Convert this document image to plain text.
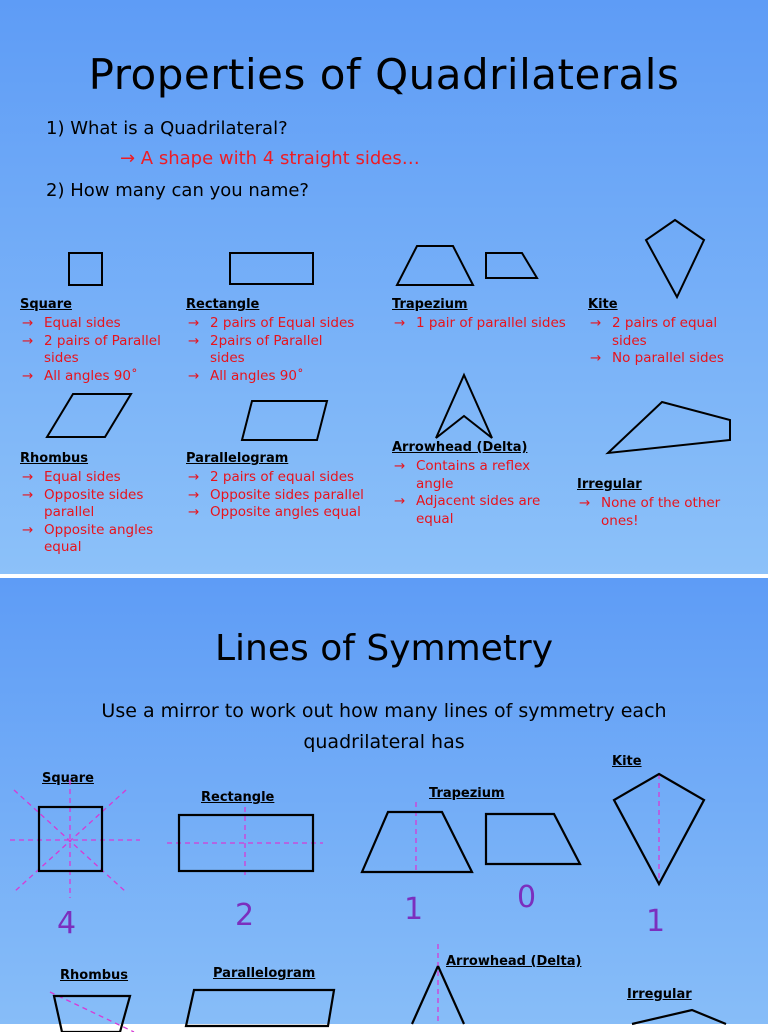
Properties of Quadrilaterals
1) What is a Quadrilateral?
→ A shape with 4 straight sides…
2) How many can you name?
Square
→ Equal sides
→ 2 pairs of Parallel sides
→ All angles 90˚
Rectangle
→ 2 pairs of Equal sides
→ 2pairs of Parallel sides
→ All angles 90˚
Trapezium
→ 1 pair of parallel sides
Kite
→ 2 pairs of equal sides
→ No parallel sides
Rhombus
→ Equal sides
→ Opposite sides parallel
→ Opposite angles equal
Parallelogram
→ 2 pairs of equal sides
→ Opposite sides parallel
→ Opposite angles equal
Arrowhead (Delta)
→ Contains a reflex angle
→ Adjacent sides are equal
Irregular
→ None of the other ones!
Lines of Symmetry
Use a mirror to work out how many lines of symmetry each
quadrilateral has
Square
Rectangle	Trapezium
Kite
Rhombus	Parallelogram
Arrowhead (Delta)
Irregular
4	2	1	0
1
